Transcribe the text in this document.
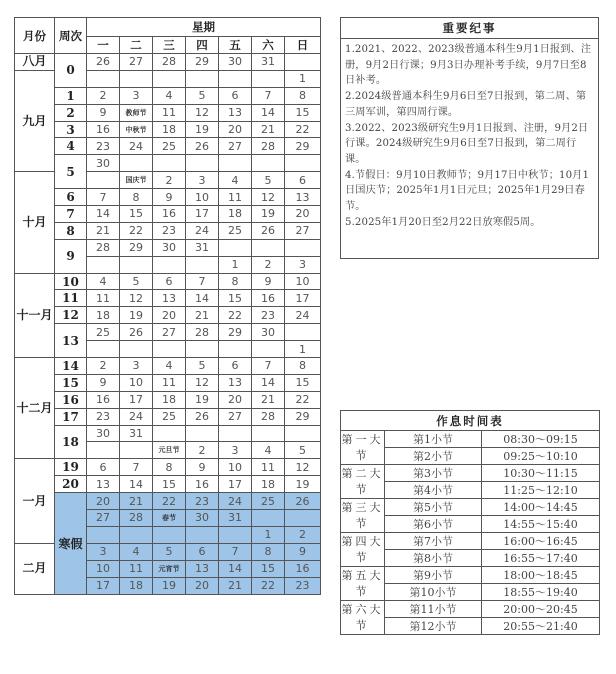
月份	周次	星期						
		一	二	三	四	五	六	日
八月	0	26	27	28	29	30	31	
九月								1
	1	2	3	4	5	6	7	8
	2	9	教师节	11	12	13	14	15
	3	16	中秋节	18	19	20	21	22
	4	23	24	25	26	27	28	29
	5	30						
十月			国庆节	2	3	4	5	6
	6	7	8	9	10	11	12	13
	7	14	15	16	17	18	19	20
	8	21	22	23	24	25	26	27
	9	28	29	30	31			
						1	2	3
十一月	10	4	5	6	7	8	9	10
	11	11	12	13	14	15	16	17
	12	18	19	20	21	22	23	24
	13	25	26	27	28	29	30	
								1
十二月	14	2	3	4	5	6	7	8
	15	9	10	11	12	13	14	15
	16	16	17	18	19	20	21	22
	17	23	24	25	26	27	28	29
	18	30	31					
				元旦节	2	3	4	5
一月	19	6	7	8	9	10	11	12
	20	13	14	15	16	17	18	19
	寒假	20	21	22	23	24	25	26
		27	28	春节	30	31		
							1	2
二月		3	4	5	6	7	8	9
		10	11	元宵节	13	14	15	16
		17	18	19	20	21	22	23
重要纪事

1.2021、2022、2023级普通本科生9月1日报到、注册，9月2日行课；9月3日办理补考手续，9月7日至8日补考。

2.2024级普通本科生9月6日至7日报到，第二周、第三周军训，第四周行课。

3.2022、2023级研究生9月1日报到、注册，9月2日行课。2024级研究生9月6日至7日报到，第二周行课。

4.节假日：9月10日教师节；9月17日中秋节；10月1日国庆节；2025年1月1日元旦；2025年1月29日春节。

5.2025年1月20日至2月22日放寒假5周。

作息时间表		
第一大节	第1小节	08:30～09:15
	第2小节	09:25～10:10
第二大节	第3小节	10:30～11:15
	第4小节	11:25～12:10
第三大节	第5小节	14:00～14:45
	第6小节	14:55～15:40
第四大节	第7小节	16:00～16:45
	第8小节	16:55～17:40
第五大节	第9小节	18:00～18:45
	第10小节	18:55～19:40
第六大节	第11小节	20:00～20:45
	第12小节	20:55～21:40
